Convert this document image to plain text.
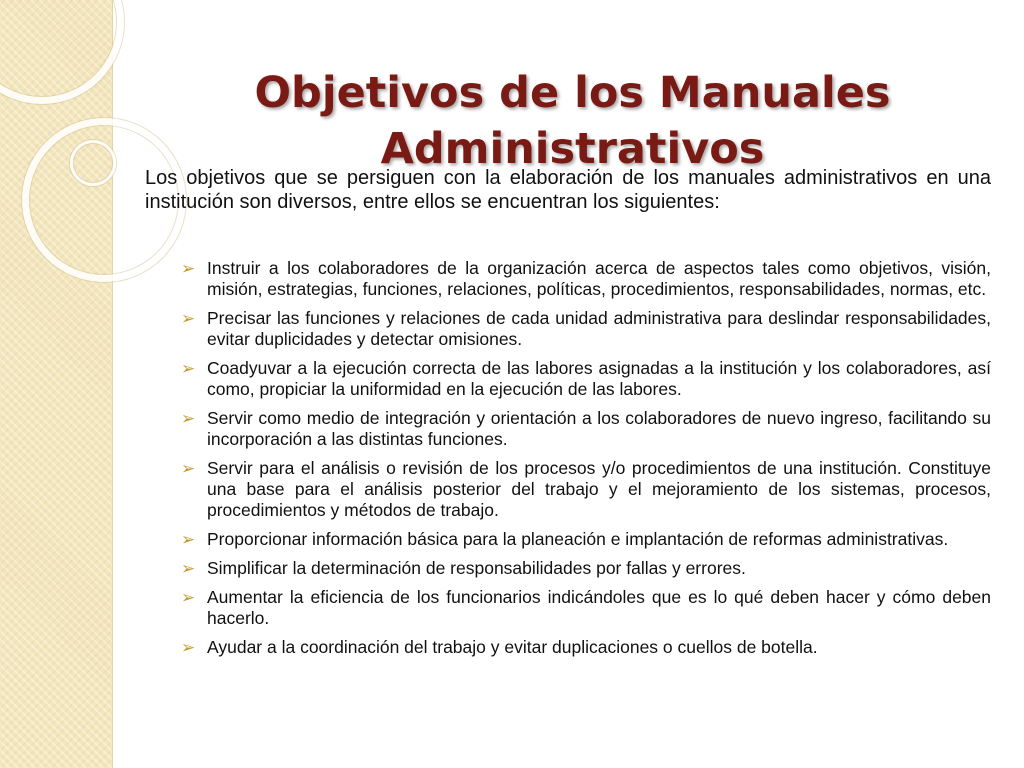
Objetivos de los Manuales Administrativos

Los objetivos que se persiguen con la elaboración de los manuales administrativos en una institución son diversos, entre ellos se encuentran los siguientes:

➢ Instruir a los colaboradores de la organización acerca de aspectos tales como objetivos, visión, misión, estrategias, funciones, relaciones, políticas, procedimientos, responsabilidades, normas, etc.
➢ Precisar las funciones y relaciones de cada unidad administrativa para deslindar responsabilidades, evitar duplicidades y detectar omisiones.
➢ Coadyuvar a la ejecución correcta de las labores asignadas a la institución y los colaboradores, así como, propiciar la uniformidad en la ejecución de las labores.
➢ Servir como medio de integración y orientación a los colaboradores de nuevo ingreso, facilitando su incorporación a las distintas funciones.
➢ Servir para el análisis o revisión de los procesos y/o procedimientos de una institución. Constituye una base para el análisis posterior del trabajo y el mejoramiento de los sistemas, procesos, procedimientos y métodos de trabajo.
➢ Proporcionar información básica para la planeación e implantación de reformas administrativas.
➢ Simplificar la determinación de responsabilidades por fallas y errores.
➢ Aumentar la eficiencia de los funcionarios indicándoles que es lo qué deben hacer y cómo deben hacerlo.
➢ Ayudar a la coordinación del trabajo y evitar duplicaciones o cuellos de botella.
